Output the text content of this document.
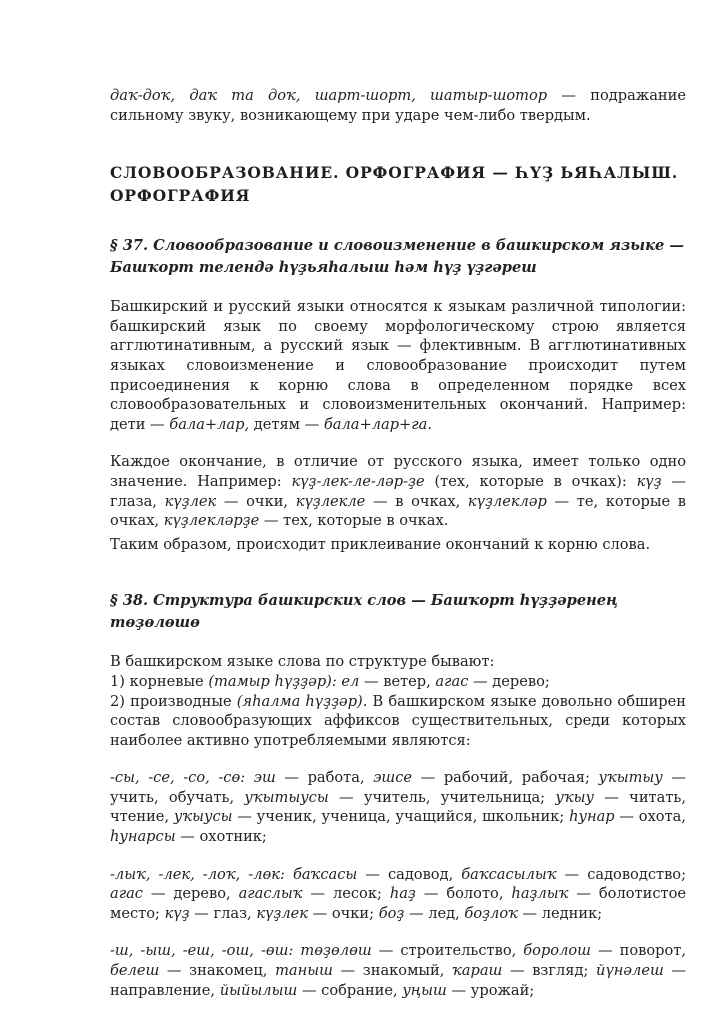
даҡ-доҡ, даҡ та доҡ, шарт-шорт, шатыр-шотор — подражание сильному звуку, возникающему при ударе чем-либо твердым.

СЛОВООБРАЗОВАНИЕ. ОРФОГРАФИЯ — ҺҮҘ ЬЯҺАЛЫШ. ОРФОГРАФИЯ
§ 37. Словообразование и словоизменение в башкирском языке — Башҡорт телендә һүҙьяһалыш һәм һүҙ үҙгәреш

Башкирский и русский языки относятся к языкам различной типологии: башкирский язык по своему морфологическому строю является агглютинативным, а русский язык — флективным. В агглютинативных языках словоизменение и словообразование происходит путем присоединения к корню слова в определенном порядке всех словообразовательных и словоизменительных окончаний. Например: дети — бала+лар, детям — бала+лар+га.

Каждое окончание, в отличие от русского языка, имеет только одно значение. Например: күҙ-лек-ле-ләр-ҙе (тех, которые в очках): күҙ — глаза, күҙлек — очки, күҙлекле — в очках, күҙлекләр — те, которые в очках, күҙлекләрҙе — тех, которые в очках.

Таким образом, происходит приклеивание окончаний к корню слова.

§ 38. Структура башкирских слов — Башҡорт һүҙҙәренең төҙөлөшө

В башкирском языке слова по структуре бывают:
1) корневые (тамыр һүҙҙәр): ел — ветер, агас — дерево;
2) производные (яһалма һүҙҙәр). В башкирском языке довольно обширен состав словообразующих аффиксов существительных, среди которых наиболее активно употребляемыми являются:

-сы, -се, -со, -сө: эш — работа, эшсе — рабочий, рабочая; уҡытыу — учить, обучать, уҡытыусы — учитель, учительница; уҡыу — читать, чтение, уҡыусы — ученик, ученица, учащийся, школьник; һунар — охота, һунарсы — охотник;

-лыҡ, -лек, -лоҡ, -лөк: баҡсасы — садовод, баҡсасылыҡ — садоводство; агас — дерево, агаслыҡ — лесок; һаҙ — болото, һаҙлыҡ — болотистое место; күҙ — глаз, күҙлек — очки; боҙ — лед, боҙлоҡ — ледник;

-ш, -ыш, -еш, -ош, -өш: төҙөлөш — строительство, боролош — поворот, белеш — знакомец, таныш — знакомый, ҡараш — взгляд; йүнәлеш — направление, йыйылыш — собрание, уңыш — урожай;
